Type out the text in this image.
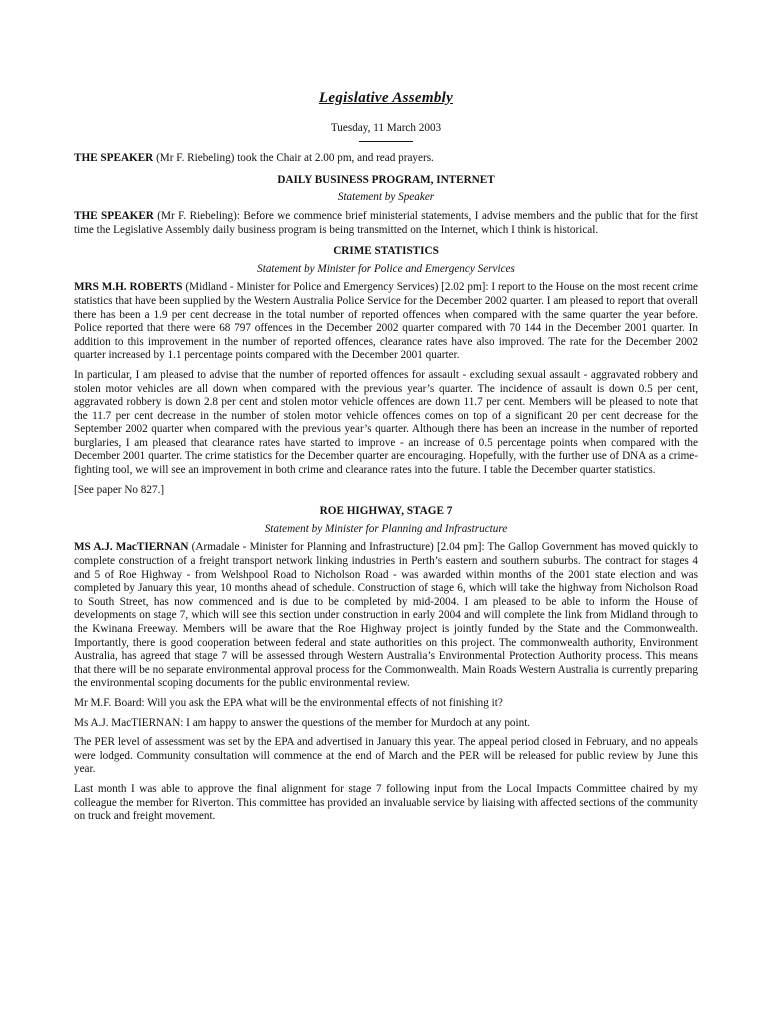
Legislative Assembly
Tuesday, 11 March 2003

THE SPEAKER (Mr F. Riebeling) took the Chair at 2.00 pm, and read prayers.

DAILY BUSINESS PROGRAM, INTERNET
Statement by Speaker

THE SPEAKER (Mr F. Riebeling): Before we commence brief ministerial statements, I advise members and the public that for the first time the Legislative Assembly daily business program is being transmitted on the Internet, which I think is historical.

CRIME STATISTICS
Statement by Minister for Police and Emergency Services

MRS M.H. ROBERTS (Midland - Minister for Police and Emergency Services) [2.02 pm]: I report to the House on the most recent crime statistics that have been supplied by the Western Australia Police Service for the December 2002 quarter. I am pleased to report that overall there has been a 1.9 per cent decrease in the total number of reported offences when compared with the same quarter the year before. Police reported that there were 68 797 offences in the December 2002 quarter compared with 70 144 in the December 2001 quarter. In addition to this improvement in the number of reported offences, clearance rates have also improved. The rate for the December 2002 quarter increased by 1.1 percentage points compared with the December 2001 quarter.

In particular, I am pleased to advise that the number of reported offences for assault - excluding sexual assault - aggravated robbery and stolen motor vehicles are all down when compared with the previous year’s quarter. The incidence of assault is down 0.5 per cent, aggravated robbery is down 2.8 per cent and stolen motor vehicle offences are down 11.7 per cent. Members will be pleased to note that the 11.7 per cent decrease in the number of stolen motor vehicle offences comes on top of a significant 20 per cent decrease for the September 2002 quarter when compared with the previous year’s quarter. Although there has been an increase in the number of reported burglaries, I am pleased that clearance rates have started to improve - an increase of 0.5 percentage points when compared with the December 2001 quarter. The crime statistics for the December quarter are encouraging. Hopefully, with the further use of DNA as a crime-fighting tool, we will see an improvement in both crime and clearance rates into the future. I table the December quarter statistics.

[See paper No 827.]

ROE HIGHWAY, STAGE 7
Statement by Minister for Planning and Infrastructure

MS A.J. MacTIERNAN (Armadale - Minister for Planning and Infrastructure) [2.04 pm]: The Gallop Government has moved quickly to complete construction of a freight transport network linking industries in Perth’s eastern and southern suburbs. The contract for stages 4 and 5 of Roe Highway - from Welshpool Road to Nicholson Road - was awarded within months of the 2001 state election and was completed by January this year, 10 months ahead of schedule. Construction of stage 6, which will take the highway from Nicholson Road to South Street, has now commenced and is due to be completed by mid-2004. I am pleased to be able to inform the House of developments on stage 7, which will see this section under construction in early 2004 and will complete the link from Midland through to the Kwinana Freeway. Members will be aware that the Roe Highway project is jointly funded by the State and the Commonwealth. Importantly, there is good cooperation between federal and state authorities on this project. The commonwealth authority, Environment Australia, has agreed that stage 7 will be assessed through Western Australia’s Environmental Protection Authority process. This means that there will be no separate environmental approval process for the Commonwealth. Main Roads Western Australia is currently preparing the environmental scoping documents for the public environmental review.

Mr M.F. Board: Will you ask the EPA what will be the environmental effects of not finishing it?

Ms A.J. MacTIERNAN: I am happy to answer the questions of the member for Murdoch at any point.

The PER level of assessment was set by the EPA and advertised in January this year. The appeal period closed in February, and no appeals were lodged. Community consultation will commence at the end of March and the PER will be released for public review by June this year.

Last month I was able to approve the final alignment for stage 7 following input from the Local Impacts Committee chaired by my colleague the member for Riverton. This committee has provided an invaluable service by liaising with affected sections of the community on truck and freight movement.
